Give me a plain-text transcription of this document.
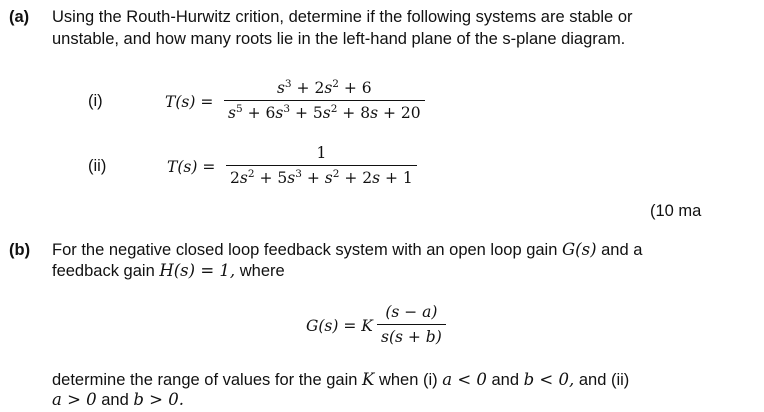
(a) Using the Routh-Hurwitz crition, determine if the following systems are stable or
unstable, and how many roots lie in the left-hand plane of the s-plane diagram.
(i)	$T(s) = \frac{s^3 + 2s^2 + 6}{s^5 + 6s^3 + 5s^2 + 8s + 20}$
(ii)	$T(s) = \frac{1}{2s^2 + 5s^3 + s^2 + 2s + 1}$
(10 ma
(b) For the negative closed loop feedback system with an open loop gain G(s) and a
feedback gain H(s) = 1, where
G(s) = K $\frac{(s - a)}{s(s + b)}$
determine the range of values for the gain K when (i) a < 0 and b < 0, and (ii)
a > 0 and b > 0.
